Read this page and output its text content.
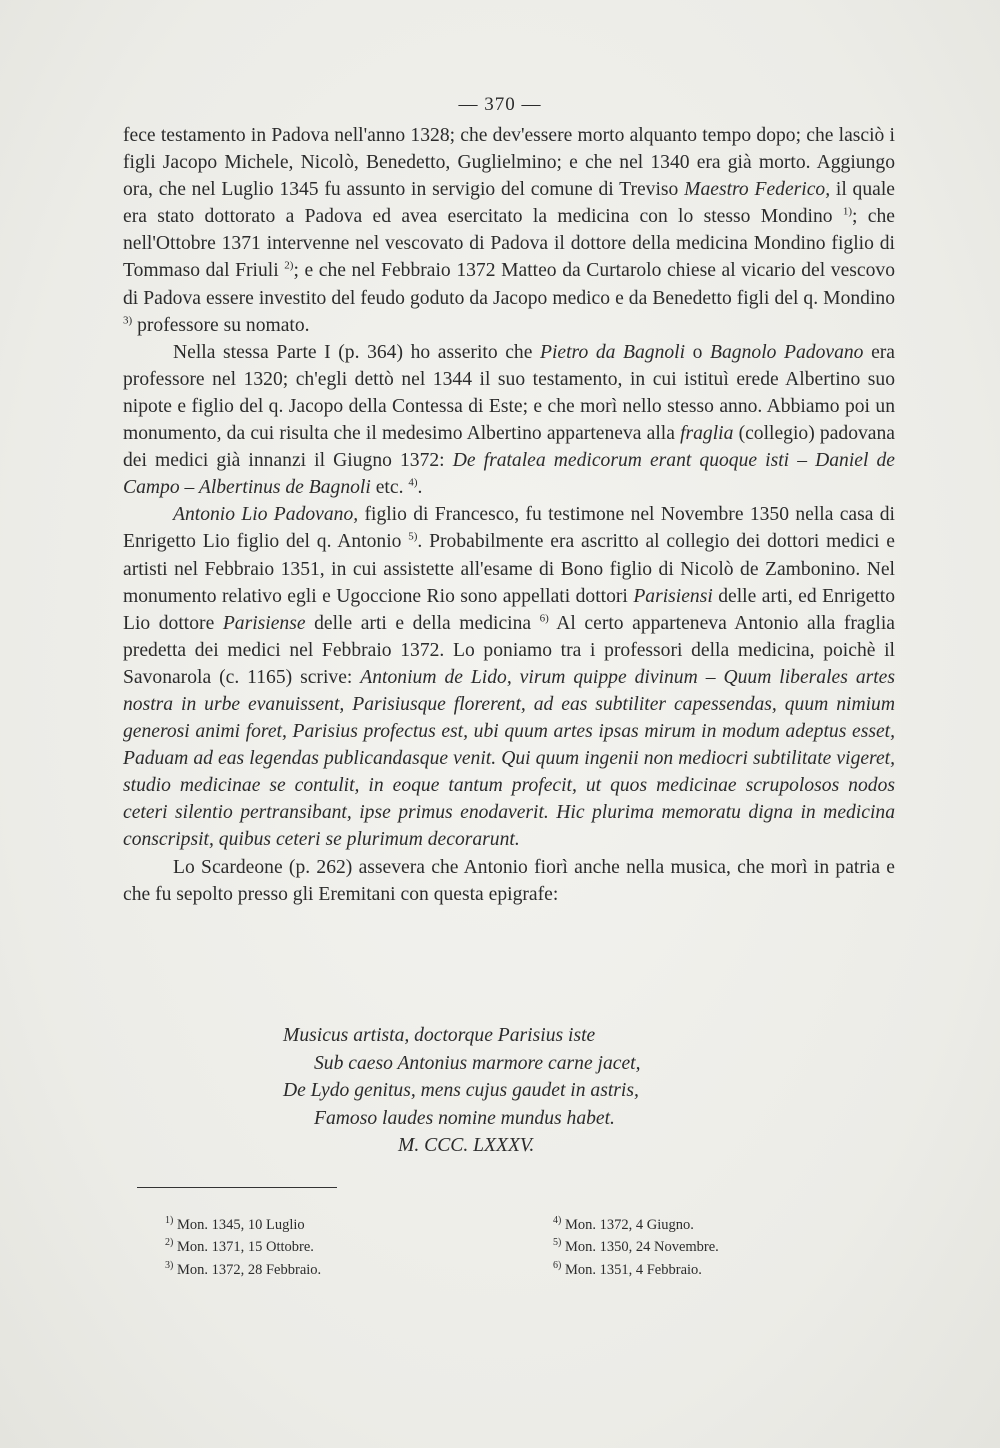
— 370 —

fece testamento in Padova nell'anno 1328; che dev'essere morto alquanto tempo dopo; che lasciò i figli Jacopo Michele, Nicolò, Benedetto, Guglielmino; e che nel 1340 era già morto. Aggiungo ora, che nel Luglio 1345 fu assunto in servigio del comune di Treviso Maestro Federico, il quale era stato dottorato a Padova ed avea esercitato la medicina con lo stesso Mondino $^{1)}$; che nell'Ottobre 1371 intervenne nel vescovato di Padova il dottore della medicina Mondino figlio di Tommaso dal Friuli $^{2)}$; e che nel Febbraio 1372 Matteo da Curtarolo chiese al vicario del vescovo di Padova essere investito del feudo goduto da Jacopo medico e da Benedetto figli del q. Mondino $^{3)}$ professore su nomato.

Nella stessa Parte I (p. 364) ho asserito che Pietro da Bagnoli o Bagnolo Padovano era professore nel 1320; ch'egli dettò nel 1344 il suo testamento, in cui istituì erede Albertino suo nipote e figlio del q. Jacopo della Contessa di Este; e che morì nello stesso anno. Abbiamo poi un monumento, da cui risulta che il medesimo Albertino apparteneva alla fraglia (collegio) padovana dei medici già innanzi il Giugno 1372: De fratalea medicorum erant quoque isti – Daniel de Campo – Albertinus de Bagnoli etc. $^{4)}$.

Antonio Lio Padovano, figlio di Francesco, fu testimone nel Novembre 1350 nella casa di Enrigetto Lio figlio del q. Antonio $^{5)}$. Probabilmente era ascritto al collegio dei dottori medici e artisti nel Febbraio 1351, in cui assistette all'esame di Bono figlio di Nicolò de Zambonino. Nel monumento relativo egli e Ugoccione Rio sono appellati dottori Parisiensi delle arti, ed Enrigetto Lio dottore Parisiense delle arti e della medicina $^{6)}$ Al certo apparteneva Antonio alla fraglia predetta dei medici nel Febbraio 1372. Lo poniamo tra i professori della medicina, poichè il Savonarola (c. 1165) scrive: Antonium de Lido, virum quippe divinum – Quum liberales artes nostra in urbe evanuissent, Parisiusque florerent, ad eas subtiliter capessendas, quum nimium generosi animi foret, Parisius profectus est, ubi quum artes ipsas mirum in modum adeptus esset, Paduam ad eas legendas publicandasque venit. Qui quum ingenii non mediocri subtilitate vigeret, studio medicinae se contulit, in eoque tantum profecit, ut quos medicinae scrupolosos nodos ceteri silentio pertransibant, ipse primus enodaverit. Hic plurima memoratu digna in medicina conscripsit, quibus ceteri se plurimum decorarunt.

Lo Scardeone (p. 262) assevera che Antonio fiorì anche nella musica, che morì in patria e che fu sepolto presso gli Eremitani con questa epigrafe:

Musicus artista, doctorque Parisius iste
Sub caeso Antonius marmore carne jacet,
De Lydo genitus, mens cujus gaudet in astris,
Famoso laudes nomine mundus habet.
M. CCC. LXXXV.
$^{1)}$ Mon. 1345, 10 Luglio
$^{2)}$ Mon. 1371, 15 Ottobre.
$^{3)}$ Mon. 1372, 28 Febbraio.
$^{4)}$ Mon. 1372, 4 Giugno.
$^{5)}$ Mon. 1350, 24 Novembre.
$^{6)}$ Mon. 1351, 4 Febbraio.
